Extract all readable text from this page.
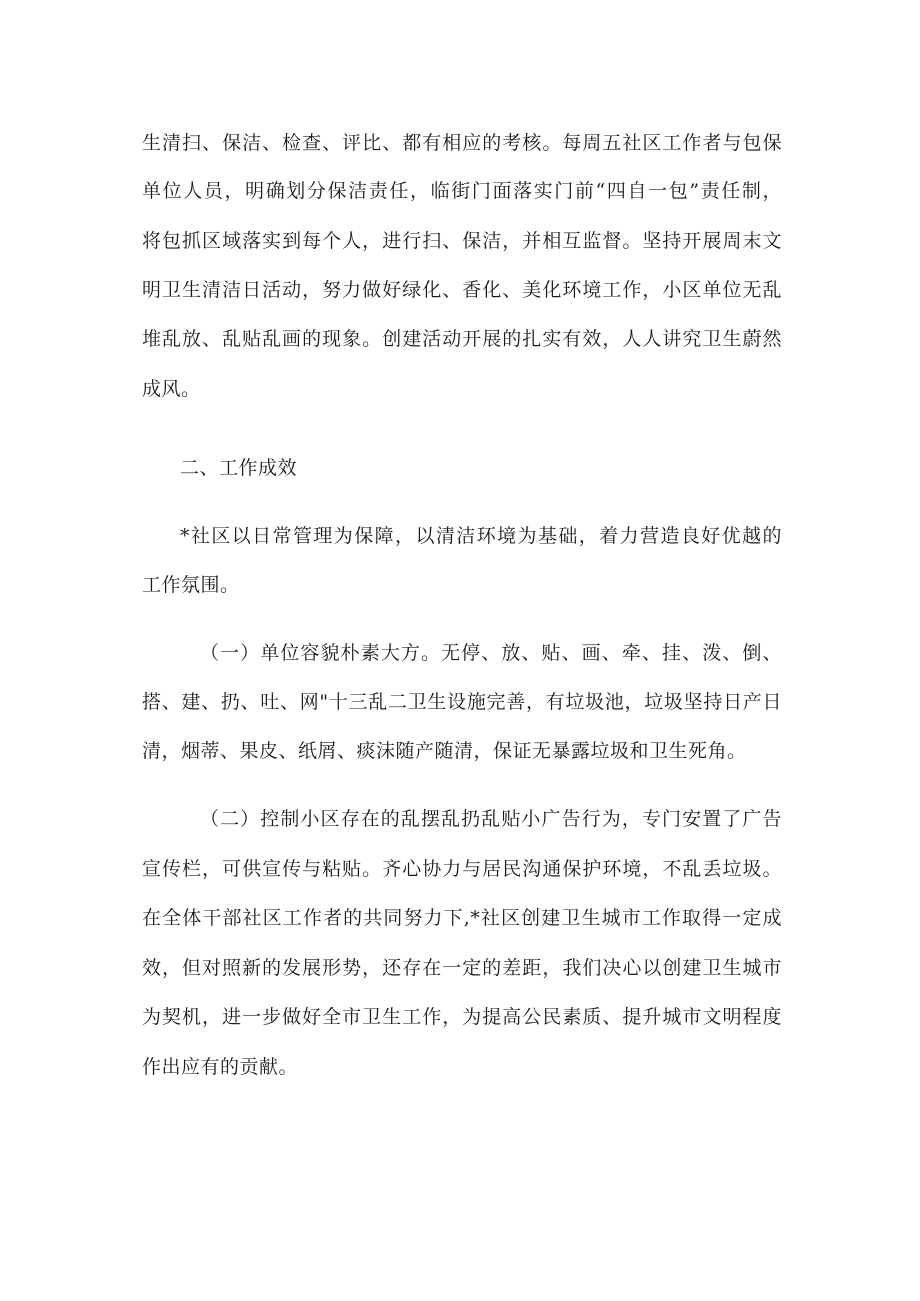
生清扫、保洁、检查、评比、都有相应的考核。每周五社区工作者与包保
单位人员，明确划分保洁责任，临街门面落实门前“四自一包”责任制，
将包抓区域落实到每个人，进行扫、保洁，并相互监督。坚持开展周末文
明卫生清洁日活动，努力做好绿化、香化、美化环境工作，小区单位无乱
堆乱放、乱贴乱画的现象。创建活动开展的扎实有效，人人讲究卫生蔚然
成风。
二、工作成效
*社区以日常管理为保障，以清洁环境为基础，着力营造良好优越的
工作氛围。
（一）单位容貌朴素大方。无停、放、贴、画、牵、挂、泼、倒、
搭、建、扔、吐、网"十三乱二卫生设施完善，有垃圾池，垃圾坚持日产日
清，烟蒂、果皮、纸屑、痰沫随产随清，保证无暴露垃圾和卫生死角。
（二）控制小区存在的乱摆乱扔乱贴小广告行为，专门安置了广告
宣传栏，可供宣传与粘贴。齐心协力与居民沟通保护环境，不乱丢垃圾。
在全体干部社区工作者的共同努力下,*社区创建卫生城市工作取得一定成
效，但对照新的发展形势，还存在一定的差距，我们决心以创建卫生城市
为契机，进一步做好全市卫生工作，为提高公民素质、提升城市文明程度
作出应有的贡献。
